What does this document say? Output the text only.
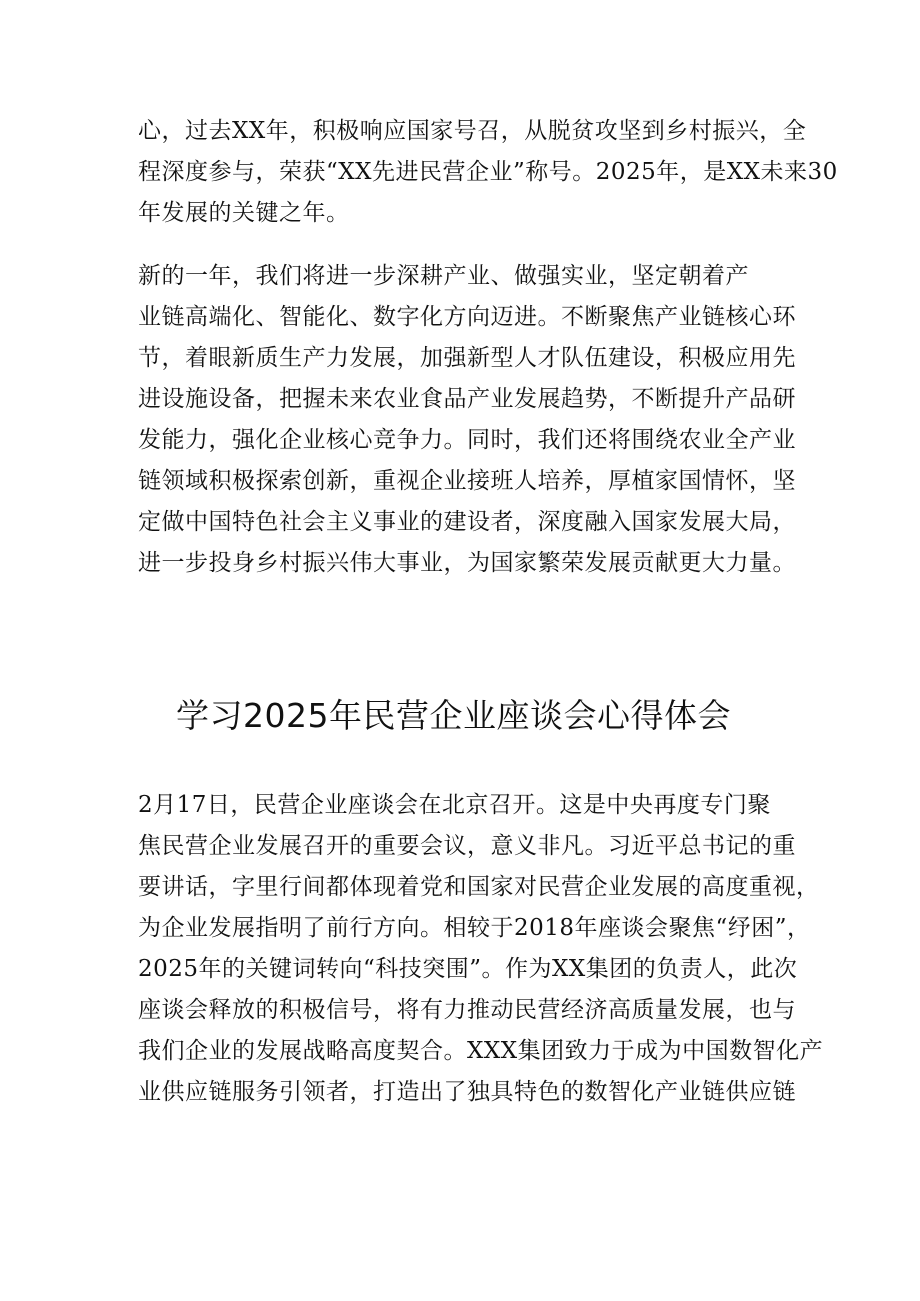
心，过去XX年，积极响应国家号召，从脱贫攻坚到乡村振兴，全
程深度参与，荣获“XX先进民营企业”称号。2025年，是XX未来30
年发展的关键之年。
新的一年，我们将进一步深耕产业、做强实业，坚定朝着产
业链高端化、智能化、数字化方向迈进。不断聚焦产业链核心环
节，着眼新质生产力发展，加强新型人才队伍建设，积极应用先
进设施设备，把握未来农业食品产业发展趋势，不断提升产品研
发能力，强化企业核心竞争力。同时，我们还将围绕农业全产业
链领域积极探索创新，重视企业接班人培养，厚植家国情怀，坚
定做中国特色社会主义事业的建设者，深度融入国家发展大局，
进一步投身乡村振兴伟大事业，为国家繁荣发展贡献更大力量。
学习2025年民营企业座谈会心得体会
2月17日，民营企业座谈会在北京召开。这是中央再度专门聚
焦民营企业发展召开的重要会议，意义非凡。习近平总书记的重
要讲话，字里行间都体现着党和国家对民营企业发展的高度重视，
为企业发展指明了前行方向。相较于2018年座谈会聚焦“纾困”，
2025年的关键词转向“科技突围”。作为XX集团的负责人，此次
座谈会释放的积极信号，将有力推动民营经济高质量发展，也与
我们企业的发展战略高度契合。XXX集团致力于成为中国数智化产
业供应链服务引领者，打造出了独具特色的数智化产业链供应链
